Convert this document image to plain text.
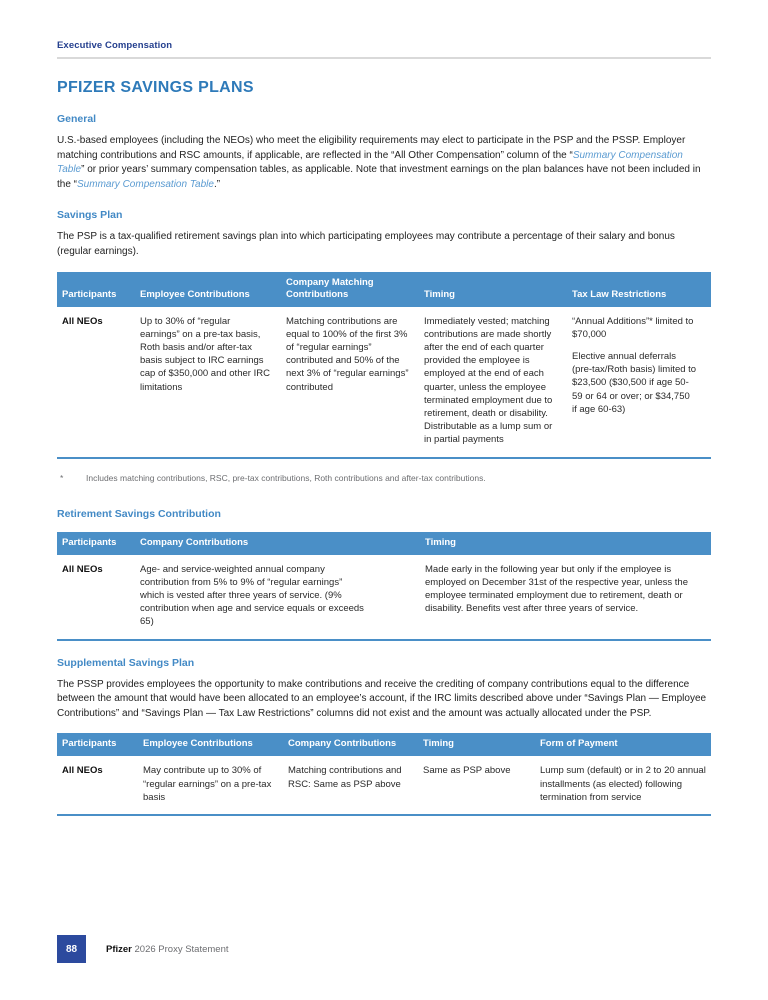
Executive Compensation
PFIZER SAVINGS PLANS
General

U.S.-based employees (including the NEOs) who meet the eligibility requirements may elect to participate in the PSP and the PSSP. Employer matching contributions and RSC amounts, if applicable, are reflected in the “All Other Compensation” column of the “Summary Compensation Table” or prior years’ summary compensation tables, as applicable. Note that investment earnings on the plan balances have not been included in the “Summary Compensation Table.”

Savings Plan

The PSP is a tax-qualified retirement savings plan into which participating employees may contribute a percentage of their salary and bonus (regular earnings).

Participants	Employee Contributions	Company Matching Contributions	Timing	Tax Law Restrictions
All NEOs	Up to 30% of “regular earnings” on a pre-tax basis, Roth basis and/or after-tax basis subject to IRC earnings cap of $350,000 and other IRC limitations	Matching contributions are equal to 100% of the first 3% of “regular earnings” contributed and 50% of the next 3% of “regular earnings” contributed	Immediately vested; matching contributions are made shortly after the end of each quarter provided the employee is employed at the end of each quarter, unless the employee terminated employment due to retirement, death or disability. Distributable as a lump sum or in partial payments	“Annual Additions”* limited to $70,000

Elective annual deferrals (pre-tax/Roth basis) limited to $23,500 ($30,500 if age 50-59 or 64 or over; or $34,750 if age 60-63)

*	Includes matching contributions, RSC, pre-tax contributions, Roth contributions and after-tax contributions.
Retirement Savings Contribution
Participants	Company Contributions	Timing
All NEOs	Age- and service-weighted annual company contribution from 5% to 9% of “regular earnings” which is vested after three years of service. (9% contribution when age and service equals or exceeds 65)	Made early in the following year but only if the employee is employed on December 31st of the respective year, unless the employee terminated employment due to retirement, death or disability. Benefits vest after three years of service.
Supplemental Savings Plan

The PSSP provides employees the opportunity to make contributions and receive the crediting of company contributions equal to the difference between the amount that would have been allocated to an employee’s account, if the IRC limits described above under “Savings Plan — Employee Contributions” and “Savings Plan — Tax Law Restrictions” columns did not exist and the amount was actually allocated under the PSP.

Participants	Employee Contributions	Company Contributions	Timing	Form of Payment
All NEOs	May contribute up to 30% of “regular earnings” on a pre-tax basis	Matching contributions and RSC: Same as PSP above	Same as PSP above	Lump sum (default) or in 2 to 20 annual installments (as elected) following termination from service
88	Pfizer 2026 Proxy Statement
